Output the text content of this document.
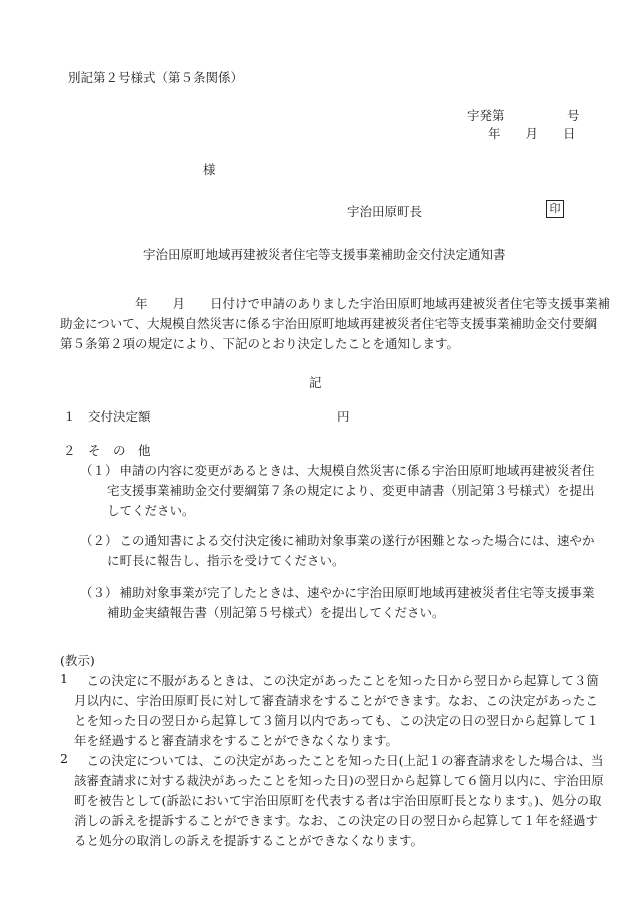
別記第２号様式（第５条関係）
宇発第　　　　　号
年　　月　　日
様
宇治田原町長	印
宇治田原町地域再建被災者住宅等支援事業補助金交付決定通知書
　　　　　　年　　月　　日付けで申請のありました宇治田原町地域再建被災者住宅等支援事業補
助金について、大規模自然災害に係る宇治田原町地域再建被災者住宅等支援事業補助金交付要綱
第５条第２項の規定により、下記のとおり決定したことを通知します。
記
１　交付決定額	円
２　そ　の　他
（１）
　申請の内容に変更があるときは、大規模自然災害に係る宇治田原町地域再建被災者住
宅支援事業補助金交付要綱第７条の規定により、変更申請書（別記第３号様式）を提出
してください。
（２）
　この通知書による交付決定後に補助対象事業の遂行が困難となった場合には、速やか
に町長に報告し、指示を受けてください。
（３）
　補助対象事業が完了したときは、速やかに宇治田原町地域再建被災者住宅等支援事業
補助金実績報告書（別記第５号様式）を提出してください。
(教示)
1 　この決定に不服があるときは、この決定があったことを知った日から翌日から起算して３箇
月以内に、宇治田原町長に対して審査請求をすることができます。なお、この決定があったこ
とを知った日の翌日から起算して３箇月以内であっても、この決定の日の翌日から起算して１
年を経過すると審査請求をすることができなくなります。
2 　この決定については、この決定があったことを知った日(上記１の審査請求をした場合は、当
該審査請求に対する裁決があったことを知った日)の翌日から起算して６箇月以内に、宇治田原
町を被告として(訴訟において宇治田原町を代表する者は宇治田原町長となります。)、処分の取
消しの訴えを提訴することができます。なお、この決定の日の翌日から起算して１年を経過す
ると処分の取消しの訴えを提訴することができなくなります。
